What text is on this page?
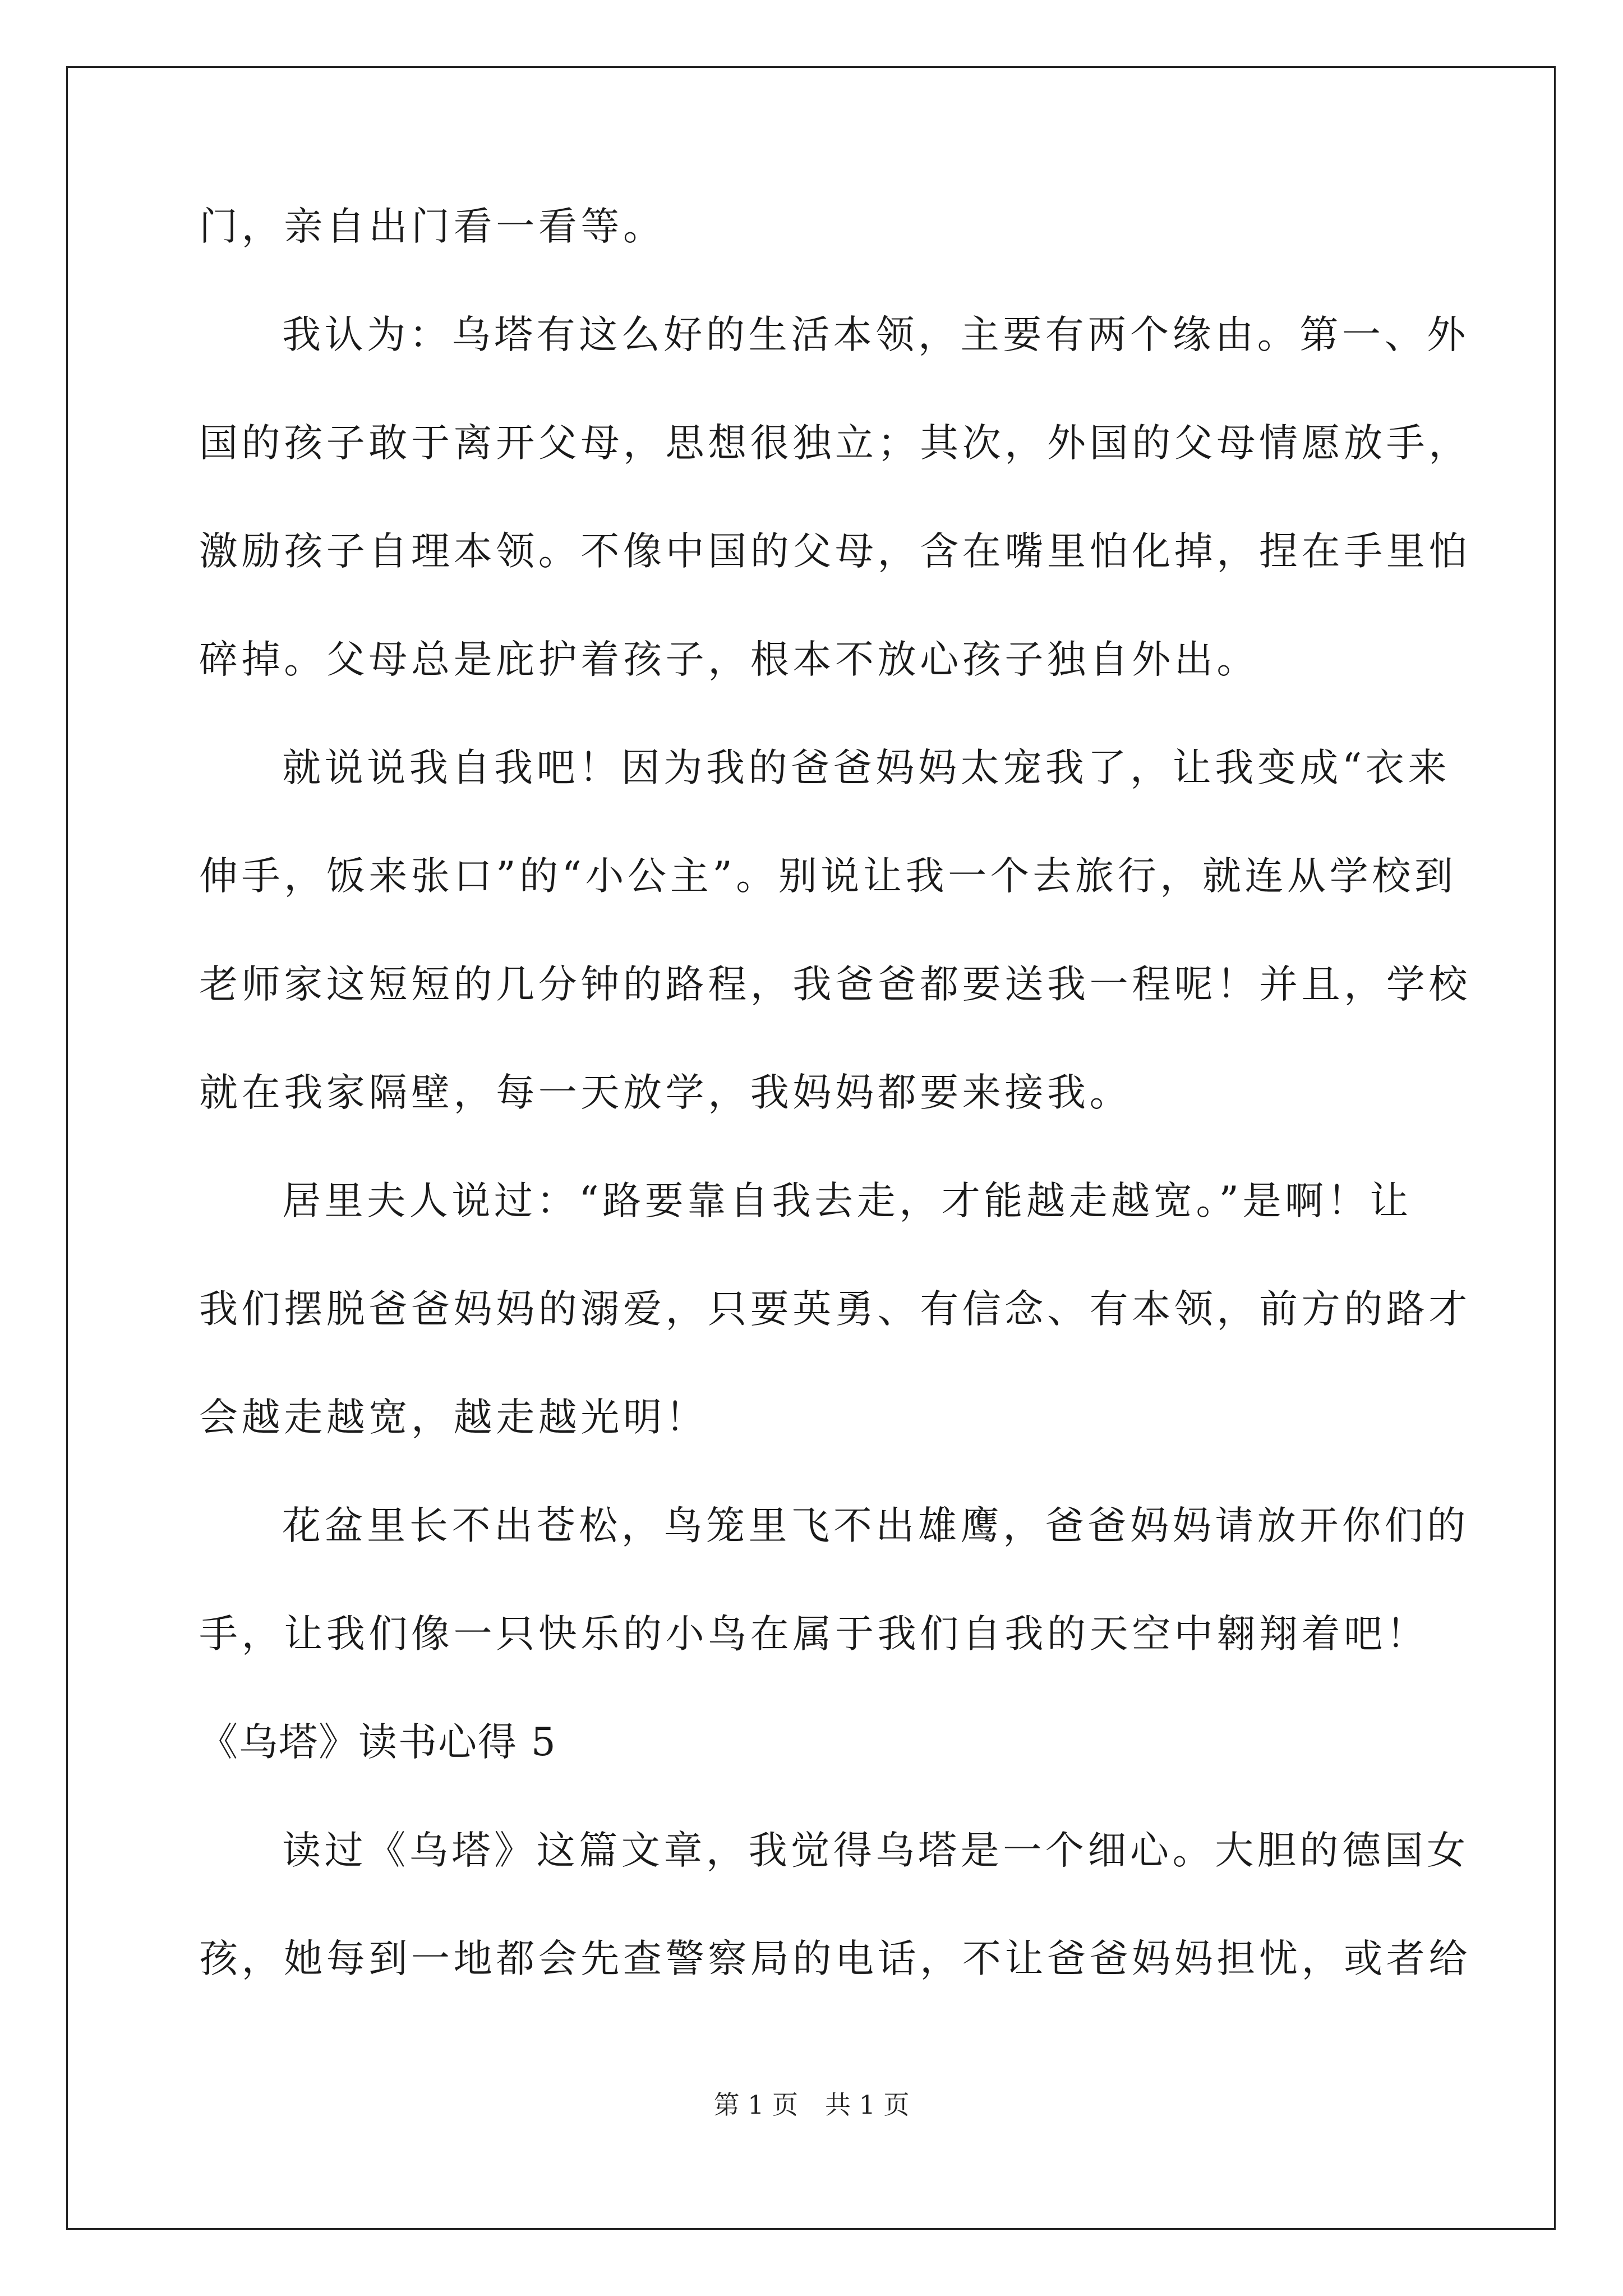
门，亲自出门看一看等。
我认为：乌塔有这么好的生活本领，主要有两个缘由。第一、外
国的孩子敢于离开父母，思想很独立；其次，外国的父母情愿放手，
激励孩子自理本领。不像中国的父母，含在嘴里怕化掉，捏在手里怕
碎掉。父母总是庇护着孩子，根本不放心孩子独自外出。
就说说我自我吧！因为我的爸爸妈妈太宠我了，让我变成“衣来
伸手，饭来张口”的“小公主”。别说让我一个去旅行，就连从学校到
老师家这短短的几分钟的路程，我爸爸都要送我一程呢！并且，学校
就在我家隔壁，每一天放学，我妈妈都要来接我。
居里夫人说过：“路要靠自我去走，才能越走越宽。”是啊！让
我们摆脱爸爸妈妈的溺爱，只要英勇、有信念、有本领，前方的路才
会越走越宽，越走越光明！
花盆里长不出苍松，鸟笼里飞不出雄鹰，爸爸妈妈请放开你们的
手，让我们像一只快乐的小鸟在属于我们自我的天空中翱翔着吧！
《乌塔》读书心得 5
读过《乌塔》这篇文章，我觉得乌塔是一个细心。大胆的德国女
孩，她每到一地都会先查警察局的电话，不让爸爸妈妈担忧，或者给
第 1 页 共 1 页
